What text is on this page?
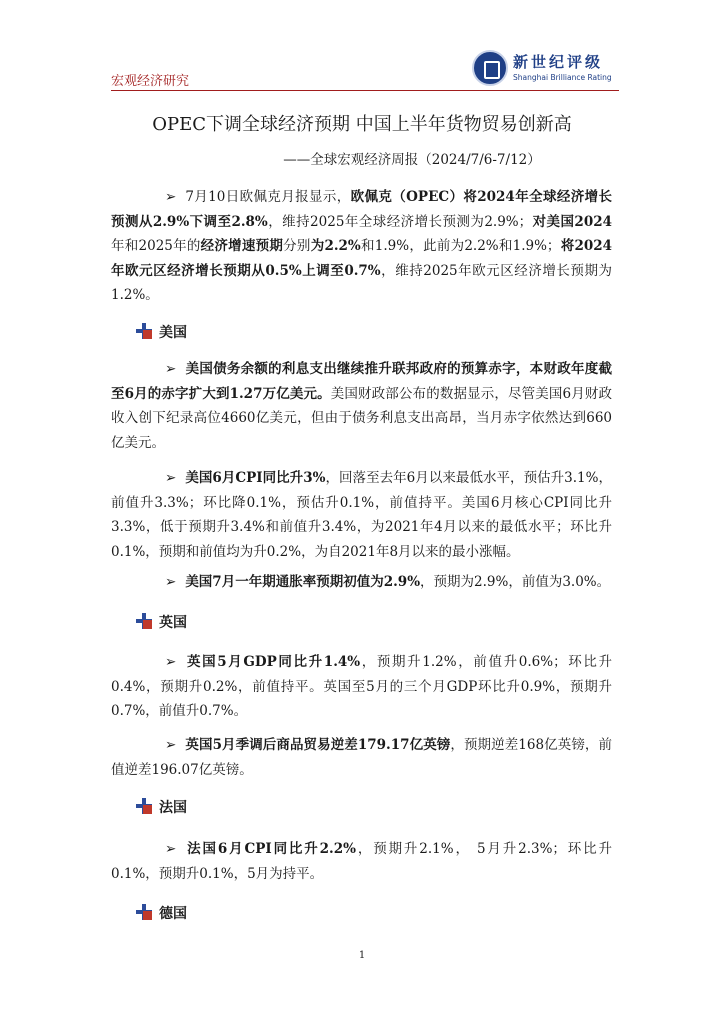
宏观经济研究
新世纪评级
Shanghai Brilliance Rating
OPEC下调全球经济预期 中国上半年货物贸易创新高
——全球宏观经济周报（2024/7/6-7/12）

➢ 7月10日欧佩克月报显示，欧佩克（OPEC）将2024年全球经济增长预测从2.9%下调至2.8%，维持2025年全球经济增长预测为2.9%；对美国2024年和2025年的经济增速预期分别为2.2%和1.9%，此前为2.2%和1.9%；将2024年欧元区经济增长预期从0.5%上调至0.7%，维持2025年欧元区经济增长预期为1.2%。

美国

➢ 美国债务余额的利息支出继续推升联邦政府的预算赤字，本财政年度截至6月的赤字扩大到1.27万亿美元。美国财政部公布的数据显示，尽管美国6月财政收入创下纪录高位4660亿美元，但由于债务利息支出高昂，当月赤字依然达到660亿美元。

➢ 美国6月CPI同比升3%，回落至去年6月以来最低水平，预估升3.1%，前值升3.3%；环比降0.1%，预估升0.1%，前值持平。美国6月核心CPI同比升3.3%，低于预期升3.4%和前值升3.4%，为2021年4月以来的最低水平；环比升0.1%，预期和前值均为升0.2%，为自2021年8月以来的最小涨幅。

➢ 美国7月一年期通胀率预期初值为2.9%，预期为2.9%，前值为3.0%。

英国

➢ 英国5月GDP同比升1.4%，预期升1.2%，前值升0.6%；环比升0.4%，预期升0.2%，前值持平。英国至5月的三个月GDP环比升0.9%，预期升0.7%，前值升0.7%。

➢ 英国5月季调后商品贸易逆差179.17亿英镑，预期逆差168亿英镑，前值逆差196.07亿英镑。

法国

➢ 法国6月CPI同比升2.2%，预期升2.1%， 5月升2.3%；环比升0.1%，预期升0.1%，5月为持平。

德国
1
